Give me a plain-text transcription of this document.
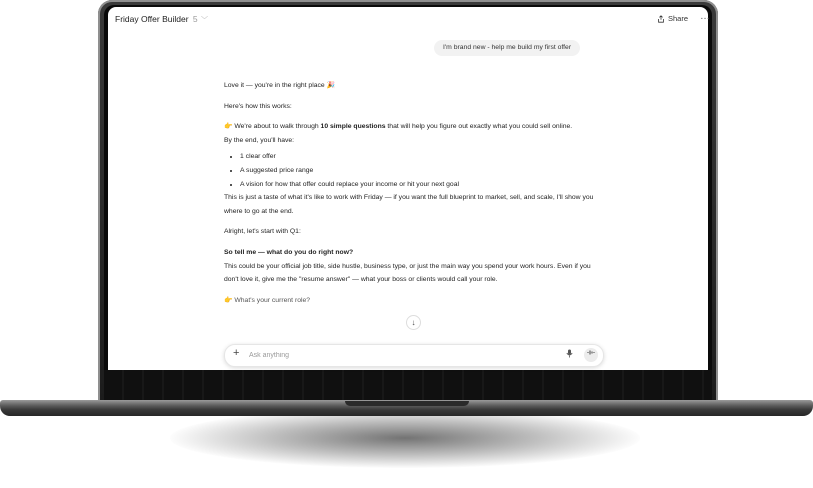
Friday Offer Builder 5 ﹀	Share …
I'm brand new - help me build my first offer

Love it — you're in the right place 🎉

Here's how this works:

👉 We're about to walk through 10 simple questions that will help you figure out exactly what you could sell online.

By the end, you'll have:

• 1 clear offer
• A suggested price range
• A vision for how that offer could replace your income or hit your next goal

This is just a taste of what it's like to work with Friday — if you want the full blueprint to market, sell, and scale, I'll show you where to go at the end.

Alright, let's start with Q1:

So tell me — what do you do right now?

This could be your official job title, side hustle, business type, or just the main way you spend your work hours. Even if you don't love it, give me the "resume answer" — what your boss or clients would call your role.

👉 What's your current role?

↓
+
Ask anything
